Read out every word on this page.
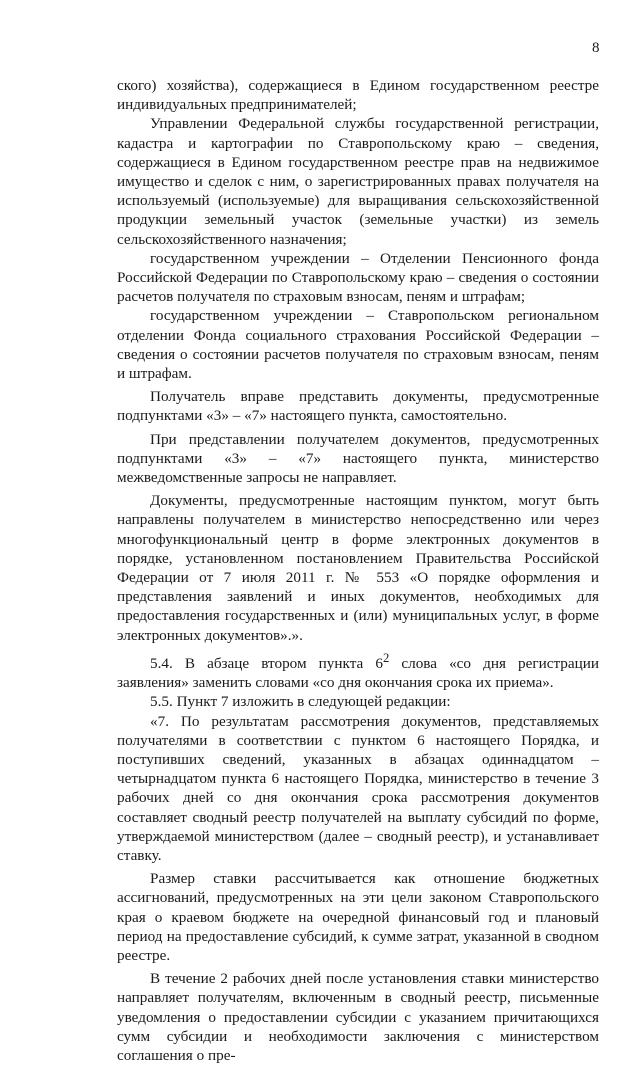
8

ского) хозяйства), содержащиеся в Едином государственном реестре индивидуальных предпринимателей;

Управлении Федеральной службы государственной регистрации, кадастра и картографии по Ставропольскому краю – сведения, содержащиеся в Едином государственном реестре прав на недвижимое имущество и сделок с ним, о зарегистрированных правах получателя на используемый (используемые) для выращивания сельскохозяйственной продукции земельный участок (земельные участки) из земель сельскохозяйственного назначения;

государственном учреждении – Отделении Пенсионного фонда Российской Федерации по Ставропольскому краю – сведения о состоянии расчетов получателя по страховым взносам, пеням и штрафам;

государственном учреждении – Ставропольском региональном отделении Фонда социального страхования Российской Федерации – сведения о состоянии расчетов получателя по страховым взносам, пеням и штрафам.

Получатель вправе представить документы, предусмотренные подпунктами «3» – «7» настоящего пункта, самостоятельно.

При представлении получателем документов, предусмотренных подпунктами «3» – «7» настоящего пункта, министерство межведомственные запросы не направляет.

Документы, предусмотренные настоящим пунктом, могут быть направлены получателем в министерство непосредственно или через многофункциональный центр в форме электронных документов в порядке, установленном постановлением Правительства Российской Федерации от 7 июля 2011 г. № 553 «О порядке оформления и представления заявлений и иных документов, необходимых для предоставления государственных и (или) муниципальных услуг, в форме электронных документов».».

5.4. В абзаце втором пункта $6^2$ слова «со дня регистрации заявления» заменить словами «со дня окончания срока их приема».

5.5. Пункт 7 изложить в следующей редакции:

«7. По результатам рассмотрения документов, представляемых получателями в соответствии с пунктом 6 настоящего Порядка, и поступивших сведений, указанных в абзацах одиннадцатом – четырнадцатом пункта 6 настоящего Порядка, министерство в течение 3 рабочих дней со дня окончания срока рассмотрения документов составляет сводный реестр получателей на выплату субсидий по форме, утверждаемой министерством (далее – сводный реестр), и устанавливает ставку.

Размер ставки рассчитывается как отношение бюджетных ассигнований, предусмотренных на эти цели законом Ставропольского края о краевом бюджете на очередной финансовый год и плановый период на предоставление субсидий, к сумме затрат, указанной в сводном реестре.

В течение 2 рабочих дней после установления ставки министерство направляет получателям, включенным в сводный реестр, письменные уведомления о предоставлении субсидии с указанием причитающихся сумм субсидии и необходимости заключения с министерством соглашения о пре-
